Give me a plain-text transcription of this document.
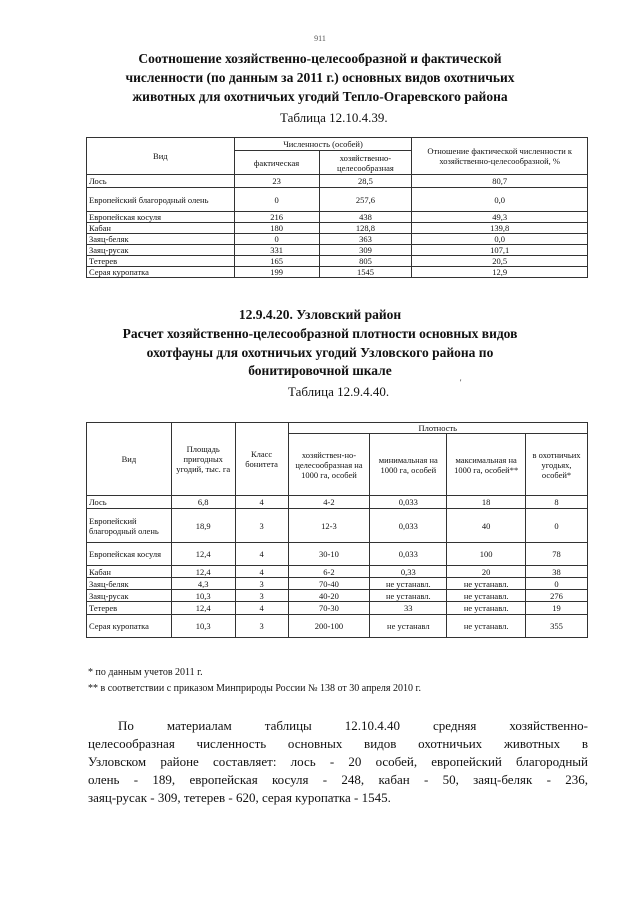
911
Соотношение хозяйственно-целесообразной и фактической
численности (по данным за 2011 г.) основных видов охотничьих
животных для охотничьих угодий Тепло-Огаревского района
Таблица 12.10.4.39.
Вид	Численность (особей)		Отношение фактической численности к хозяйственно-целесообразной, %
	фактическая	хозяйственно-целесообразная	

Лось	23	28,5	80,7
Европейский благородный олень	0	257,6	0,0
Европейская косуля	216	438	49,3
Кабан	180	128,8	139,8
Заяц-беляк	0	363	0,0
Заяц-русак	331	309	107,1
Тетерев	165	805	20,5
Серая куропатка	199	1545	12,9
12.9.4.20. Узловский район
Расчет хозяйственно-целесообразной плотности основных видов
охотфауны для охотничьих угодий Узловского района по
бонитировочной шкале
Таблица 12.9.4.40.
'
Вид	Площадь пригодных угодий, тыс. га	Класс бонитета	Плотность			
			хозяйствен-но-целесообразная на 1000 га, особей	минимальная на 1000 га, особей	максимальная на 1000 га, особей**	в охотничьих угодьях, особей*
Лось	6,8	4	4-2	0,033	18	8
Европейский благородный олень	18,9	3	12-3	0,033	40	0
Европейская косуля	12,4	4	30-10	0,033	100	78
Кабан	12,4	4	6-2	0,33	20	38
Заяц-беляк	4,3	3	70-40	не устанавл.	не устанавл.	0
Заяц-русак	10,3	3	40-20	не устанавл.	не устанавл.	276
Тетерев	12,4	4	70-30	33	не устанавл.	19
Серая куропатка	10,3	3	200-100	не устанавл	не устанавл.	355
* по данным учетов 2011 г.
** в соответствии с приказом Минприроды России № 138 от 30 апреля 2010 г.
По материалам таблицы 12.10.4.40 средняя хозяйственно-
целесообразная численность основных видов охотничьих животных в
Узловском районе составляет: лось - 20 особей, европейский благородный
олень - 189, европейская косуля - 248, кабан - 50, заяц-беляк - 236,
заяц-русак - 309, тетерев - 620, серая куропатка - 1545.
